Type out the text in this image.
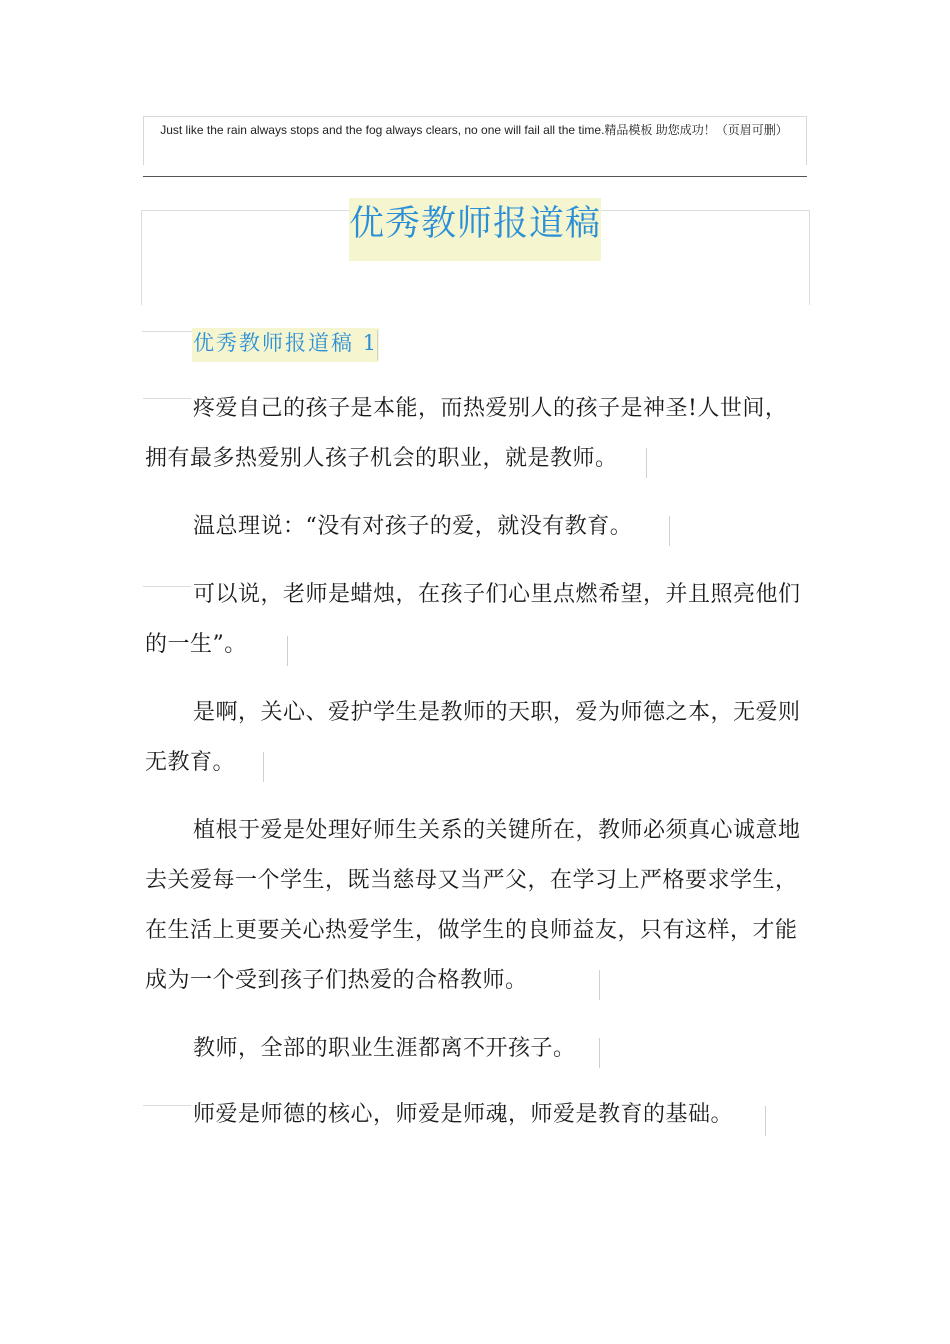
Just like the rain always stops and the fog always clears, no one will fail all the time.精品模板 助您成功！（页眉可删）
优秀教师报道稿
优秀教师报道稿 1

疼爱自己的孩子是本能，而热爱别人的孩子是神圣!人世间，拥有最多热爱别人孩子机会的职业，就是教师。

温总理说：“没有对孩子的爱，就没有教育。

可以说，老师是蜡烛，在孩子们心里点燃希望，并且照亮他们的一生”。

是啊，关心、爱护学生是教师的天职，爱为师德之本，无爱则无教育。

植根于爱是处理好师生关系的关键所在，教师必须真心诚意地去关爱每一个学生，既当慈母又当严父，在学习上严格要求学生，在生活上更要关心热爱学生，做学生的良师益友，只有这样，才能成为一个受到孩子们热爱的合格教师。

教师，全部的职业生涯都离不开孩子。

师爱是师德的核心，师爱是师魂，师爱是教育的基础。
